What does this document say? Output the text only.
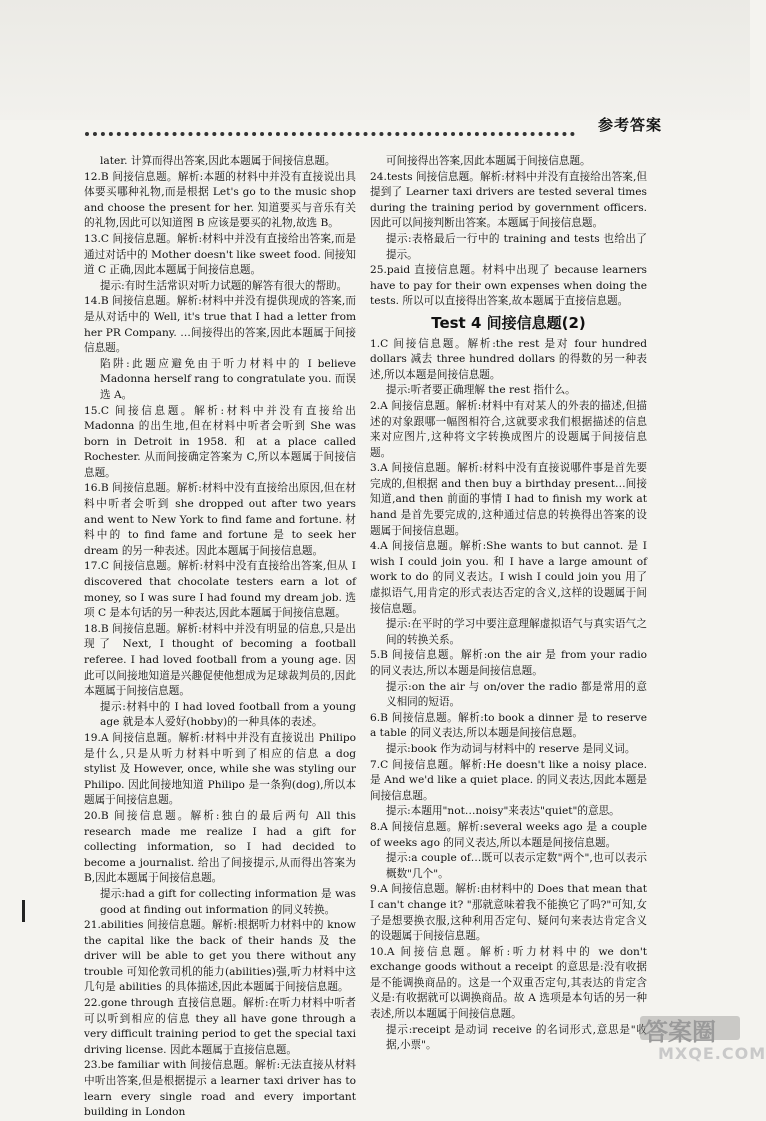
参考答案

later. 计算而得出答案,因此本题属于间接信息题。

12.B 间接信息题。解析:本题的材料中并没有直接说出具体要买哪种礼物,而是根据 Let's go to the music shop and choose the present for her. 知道要买与音乐有关的礼物,因此可以知道图 B 应该是要买的礼物,故选 B。

13.C 间接信息题。解析:材料中并没有直接给出答案,而是通过对话中的 Mother doesn't like sweet food. 间接知道 C 正确,因此本题属于间接信息题。

提示:有时生活常识对听力试题的解答有很大的帮助。

14.B 间接信息题。解析:材料中并没有提供现成的答案,而是从对话中的 Well, it's true that I had a letter from her PR Company. …间接得出的答案,因此本题属于间接信息题。

陷阱:此题应避免由于听力材料中的 I believe Madonna herself rang to congratulate you. 而误选 A。

15.C 间接信息题。解析:材料中并没有直接给出 Madonna 的出生地,但在材料中听者会听到 She was born in Detroit in 1958. 和 at a place called Rochester. 从而间接确定答案为 C,所以本题属于间接信息题。

16.B 间接信息题。解析:材料中没有直接给出原因,但在材料中听者会听到 she dropped out after two years and went to New York to find fame and fortune. 材料中的 to find fame and fortune 是 to seek her dream 的另一种表述。因此本题属于间接信息题。

17.C 间接信息题。解析:材料中没有直接给出答案,但从 I discovered that chocolate testers earn a lot of money, so I was sure I had found my dream job. 选项 C 是本句话的另一种表达,因此本题属于间接信息题。

18.B 间接信息题。解析:材料中并没有明显的信息,只是出现了 Next, I thought of becoming a football referee. I had loved football from a young age. 因此可以间接地知道是兴趣促使他想成为足球裁判员的,因此本题属于间接信息题。

提示:材料中的 I had loved football from a young age 就是本人爱好(hobby)的一种具体的表述。

19.A 间接信息题。解析:材料中并没有直接说出 Philipo 是什么,只是从听力材料中听到了相应的信息 a dog stylist 及 However, once, while she was styling our Philipo. 因此间接地知道 Philipo 是一条狗(dog),所以本题属于间接信息题。

20.B 间接信息题。解析:独白的最后两句 All this research made me realize I had a gift for collecting information, so I had decided to become a journalist. 给出了间接提示,从而得出答案为 B,因此本题属于间接信息题。

提示:had a gift for collecting information 是 was good at finding out information 的同义转换。

21.abilities 间接信息题。解析:根据听力材料中的 know the capital like the back of their hands 及 the driver will be able to get you there without any trouble 可知伦敦司机的能力(abilities)强,听力材料中这几句是 abilities 的具体描述,因此本题属于间接信息题。

22.gone through 直接信息题。解析:在听力材料中听者可以听到相应的信息 they all have gone through a very difficult training period to get the special taxi driving license. 因此本题属于直接信息题。

23.be familiar with 间接信息题。解析:无法直接从材料中听出答案,但是根据提示 a learner taxi driver has to learn every single road and every important building in London

可间接得出答案,因此本题属于间接信息题。

24.tests 间接信息题。解析:材料中并没有直接给出答案,但提到了 Learner taxi drivers are tested several times during the training period by government officers. 因此可以间接判断出答案。本题属于间接信息题。

提示:表格最后一行中的 training and tests 也给出了提示。

25.paid 直接信息题。材料中出现了 because learners have to pay for their own expenses when doing the tests. 所以可以直接得出答案,故本题属于直接信息题。

Test 4 间接信息题(2)

1.C 间接信息题。解析:the rest 是对 four hundred dollars 减去 three hundred dollars 的得数的另一种表述,所以本题是间接信息题。

提示:听者要正确理解 the rest 指什么。

2.A 间接信息题。解析:材料中有对某人的外表的描述,但描述的对象跟哪一幅图相符合,这就要求我们根据描述的信息来对应图片,这种将文字转换成图片的设题属于间接信息题。

3.A 间接信息题。解析:材料中没有直接说哪件事是首先要完成的,但根据 and then buy a birthday present…间接知道,and then 前面的事情 I had to finish my work at hand 是首先要完成的,这种通过信息的转换得出答案的设题属于间接信息题。

4.A 间接信息题。解析:She wants to but cannot. 是 I wish I could join you. 和 I have a large amount of work to do 的同义表达。I wish I could join you 用了虚拟语气,用肯定的形式表达否定的含义,这样的设题属于间接信息题。

提示:在平时的学习中要注意理解虚拟语气与真实语气之间的转换关系。

5.B 间接信息题。解析:on the air 是 from your radio 的同义表达,所以本题是间接信息题。

提示:on the air 与 on/over the radio 都是常用的意义相同的短语。

6.B 间接信息题。解析:to book a dinner 是 to reserve a table 的同义表达,所以本题是间接信息题。

提示:book 作为动词与材料中的 reserve 是同义词。

7.C 间接信息题。解析:He doesn't like a noisy place. 是 And we'd like a quiet place. 的同义表达,因此本题是间接信息题。

提示:本题用"not…noisy"来表达"quiet"的意思。

8.A 间接信息题。解析:several weeks ago 是 a couple of weeks ago 的同义表达,所以本题是间接信息题。

提示:a couple of…既可以表示定数"两个",也可以表示概数"几个"。

9.A 间接信息题。解析:由材料中的 Does that mean that I can't change it? "那就意味着我不能换它了吗?"可知,女子是想要换衣服,这种利用否定句、疑问句来表达肯定含义的设题属于间接信息题。

10.A 间接信息题。解析:听力材料中的 we don't exchange goods without a receipt 的意思是:没有收据是不能调换商品的。这是一个双重否定句,其表达的肯定含义是:有收据就可以调换商品。故 A 选项是本句话的另一种表述,所以本题属于间接信息题。

提示:receipt 是动词 receive 的名词形式,意思是"收据,小票"。	答案圈
MXQE.COM
